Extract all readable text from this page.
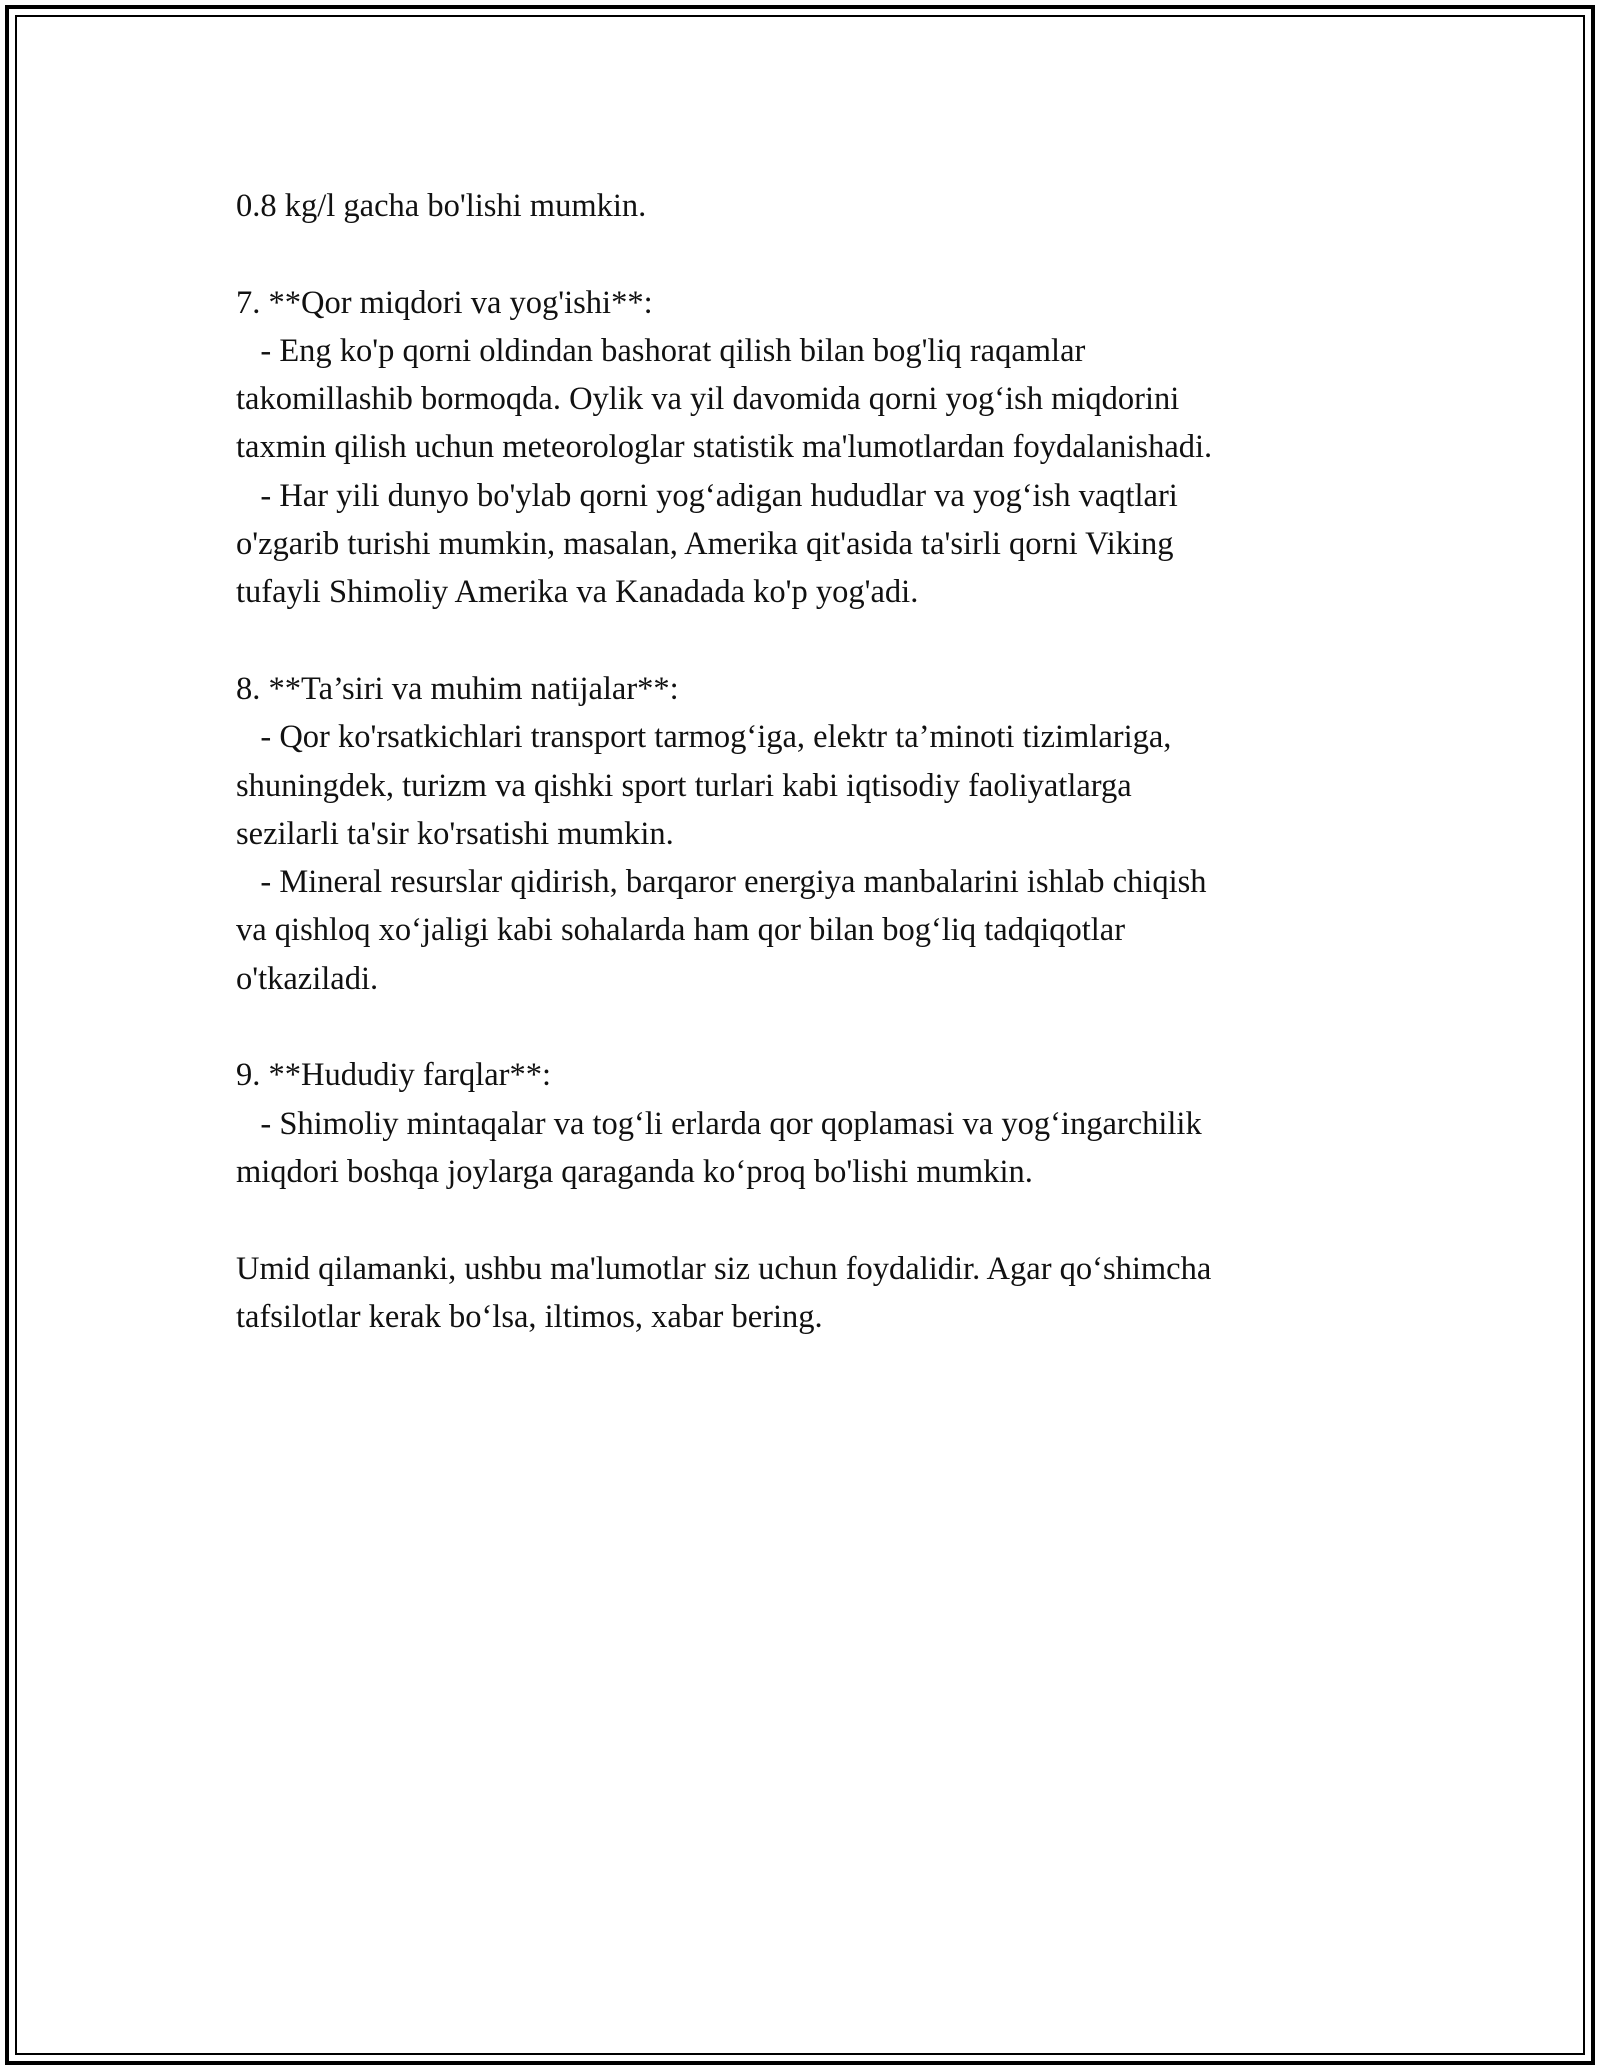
0.8 kg/l gacha bo'lishi mumkin.
7. **Qor miqdori va yog'ishi**:
- Eng ko'p qorni oldindan bashorat qilish bilan bog'liq raqamlar
takomillashib bormoqda. Oylik va yil davomida qorni yog‘ish miqdorini
taxmin qilish uchun meteorologlar statistik ma'lumotlardan foydalanishadi.
- Har yili dunyo bo'ylab qorni yog‘adigan hududlar va yog‘ish vaqtlari
o'zgarib turishi mumkin, masalan, Amerika qit'asida ta'sirli qorni Viking
tufayli Shimoliy Amerika va Kanadada ko'p yog'adi.
8. **Ta’siri va muhim natijalar**:
- Qor ko'rsatkichlari transport tarmog‘iga, elektr ta’minoti tizimlariga,
shuningdek, turizm va qishki sport turlari kabi iqtisodiy faoliyatlarga
sezilarli ta'sir ko'rsatishi mumkin.
- Mineral resurslar qidirish, barqaror energiya manbalarini ishlab chiqish
va qishloq xo‘jaligi kabi sohalarda ham qor bilan bog‘liq tadqiqotlar
o'tkaziladi.
9. **Hududiy farqlar**:
- Shimoliy mintaqalar va tog‘li erlarda qor qoplamasi va yog‘ingarchilik
miqdori boshqa joylarga qaraganda ko‘proq bo'lishi mumkin.
Umid qilamanki, ushbu ma'lumotlar siz uchun foydalidir. Agar qo‘shimcha
tafsilotlar kerak bo‘lsa, iltimos, xabar bering.
